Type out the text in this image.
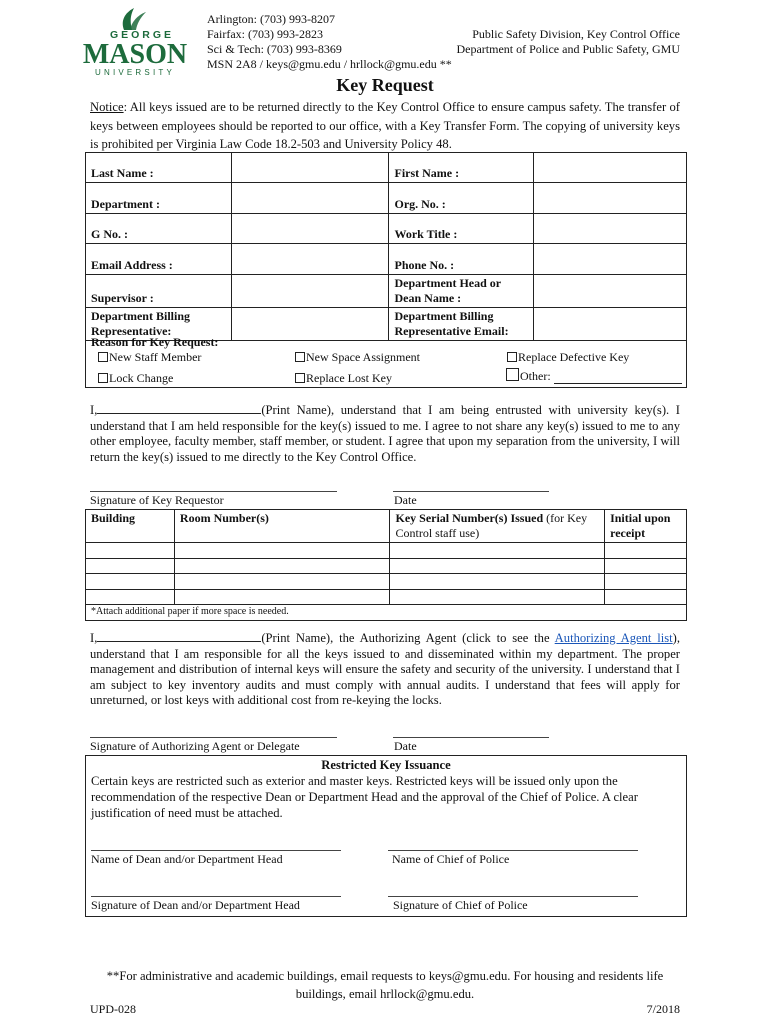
GEORGE
MASON
UNIVERSITY
Arlington: (703) 993-8207
Fairfax: (703) 993-2823
Sci & Tech: (703) 993-8369
MSN 2A8 / keys@gmu.edu / hrllock@gmu.edu **
Public Safety Division, Key Control Office
Department of Police and Public Safety, GMU
Key Request
Notice: All keys issued are to be returned directly to the Key Control Office to ensure campus safety. The transfer of keys between employees should be reported to our office, with a Key Transfer Form. The copying of university keys is prohibited per Virginia Law Code 18.2-503 and University Policy 48.
Last Name :		First Name :	
Department :		Org. No. :	
G No. :		Work Title :	
Email Address :		Phone No. :	
Supervisor :		Department Head or Dean Name :	
Department Billing Representative:		Department Billing Representative Email:	
Reason for Key Request:
New Staff Member	New Space Assignment	Replace Defective Key
Lock Change	Replace Lost Key	Other:
I,	(Print Name), understand that I am being entrusted with university key(s). I understand that I am held responsible for the key(s) issued to me. I agree to not share any key(s) issued to me to any other employee, faculty member, staff member, or student. I agree that upon my separation from the university, I will return the key(s) issued to me directly to the Key Control Office.
Signature of Key Requestor	Date
Building	Room Number(s)	Key Serial Number(s) Issued (for Key Control staff use)	Initial upon receipt

*Attach additional paper if more space is needed.			
I,	(Print Name), the Authorizing Agent (click to see the Authorizing Agent list), understand that I am responsible for all the keys issued to and disseminated within my department. The proper management and distribution of internal keys will ensure the safety and security of the university. I understand that I am subject to key inventory audits and must comply with annual audits. I understand that fees will apply for unreturned, or lost keys with additional cost from re-keying the locks.
Signature of Authorizing Agent or Delegate	Date
Restricted Key Issuance
Certain keys are restricted such as exterior and master keys. Restricted keys will be issued only upon the recommendation of the respective Dean or Department Head and the approval of the Chief of Police. A clear justification of need must be attached.
Name of Dean and/or Department Head	Name of Chief of Police
Signature of Dean and/or Department Head	Signature of Chief of Police
**For administrative and academic buildings, email requests to keys@gmu.edu. For housing and residents life buildings, email hrllock@gmu.edu.
UPD-028	7/2018
